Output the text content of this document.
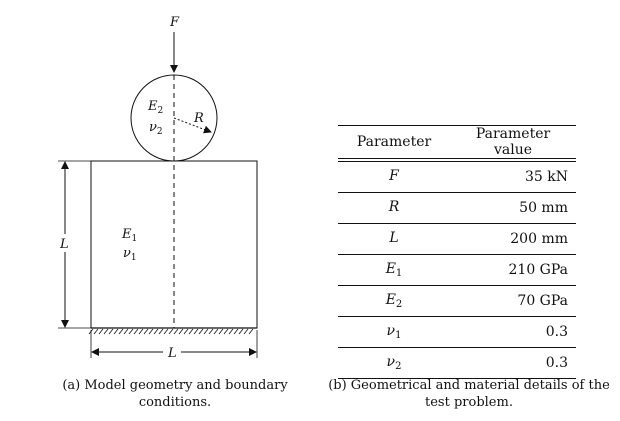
F
E2
ν2
R
E1
ν1
L
L
(a) Model geometry and boundary conditions.
Parameter	Parameter value

F	35 kN
R	50 mm
L	200 mm
$E_1$	210 GPa
$E_2$	70 GPa
$\nu_1$	0.3
$\nu_2$	0.3
(b) Geometrical and material details of the test problem.
